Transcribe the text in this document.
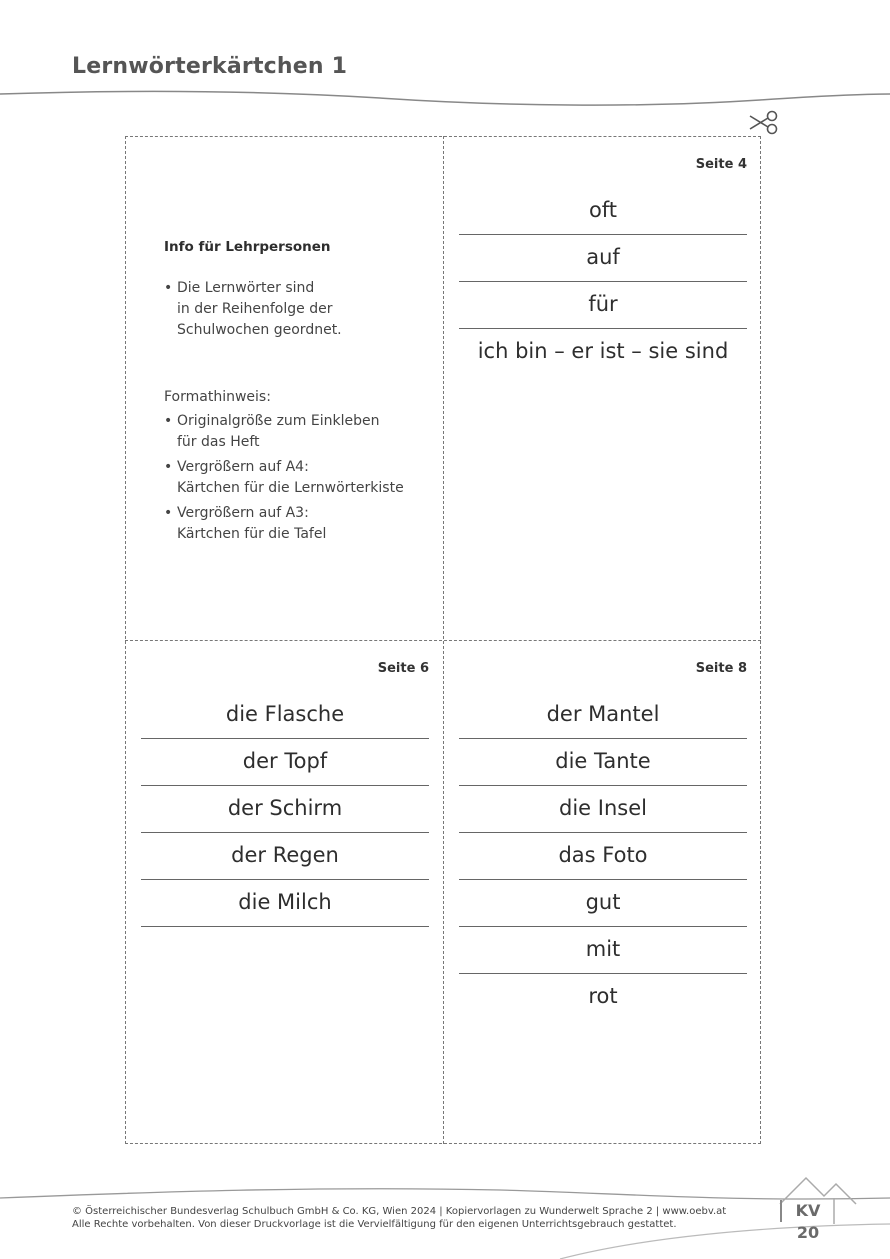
Lernwörterkärtchen 1
Info für Lehrpersonen
• Die Lernwörter sind
in der Reihenfolge der
Schulwochen geordnet.
Formathinweis:
• Originalgröße zum Einkleben
für das Heft
• Vergrößern auf A4:
Kärtchen für die Lernwörterkiste
• Vergrößern auf A3:
Kärtchen für die Tafel
Seite 4
oft
auf
für
ich bin – er ist – sie sind
Seite 6
die Flasche
der Topf
der Schirm
der Regen
die Milch
Seite 8
der Mantel
die Tante
die Insel
das Foto
gut
mit
rot
© Österreichischer Bundesverlag Schulbuch GmbH & Co. KG, Wien 2024 | Kopiervorlagen zu Wunderwelt Sprache 2 | www.oebv.at
Alle Rechte vorbehalten. Von dieser Druckvorlage ist die Vervielfältigung für den eigenen Unterrichtsgebrauch gestattet.
KV 20
